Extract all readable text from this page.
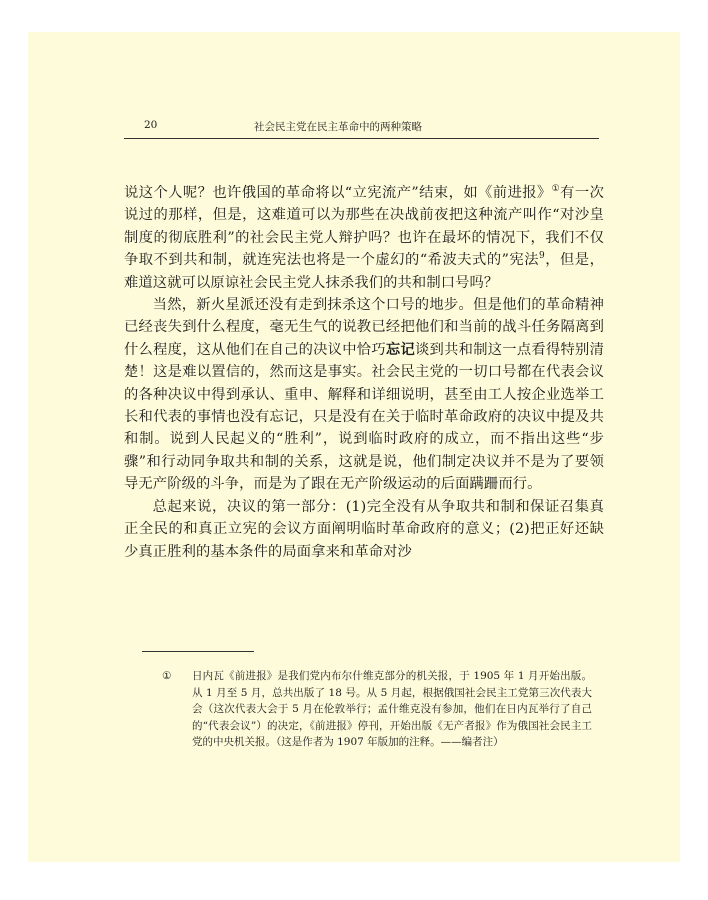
20	社会民主党在民主革命中的两种策略

说这个人呢？也许俄国的革命将以“立宪流产”结束，如《前进报》①有一次说过的那样，但是，这难道可以为那些在决战前夜把这种流产叫作“对沙皇制度的彻底胜利”的社会民主党人辩护吗？也许在最坏的情况下，我们不仅争取不到共和制，就连宪法也将是一个虚幻的“希波夫式的”宪法$^9$，但是，难道这就可以原谅社会民主党人抹杀我们的共和制口号吗？

当然，新火星派还没有走到抹杀这个口号的地步。但是他们的革命精神已经丧失到什么程度，毫无生气的说教已经把他们和当前的战斗任务隔离到什么程度，这从他们在自己的决议中恰巧忘记谈到共和制这一点看得特别清楚！这是难以置信的，然而这是事实。社会民主党的一切口号都在代表会议的各种决议中得到承认、重申、解释和详细说明，甚至由工人按企业选举工长和代表的事情也没有忘记，只是没有在关于临时革命政府的决议中提及共和制。说到人民起义的“胜利”，说到临时政府的成立，而不指出这些“步骤”和行动同争取共和制的关系，这就是说，他们制定决议并不是为了要领导无产阶级的斗争，而是为了跟在无产阶级运动的后面蹒跚而行。

总起来说，决议的第一部分：(1)完全没有从争取共和制和保证召集真正全民的和真正立宪的会议方面阐明临时革命政府的意义；(2)把正好还缺少真正胜利的基本条件的局面拿来和革命对沙

① 日内瓦《前进报》是我们党内布尔什维克部分的机关报，于 1905 年 1 月开始出版。从 1 月至 5 月，总共出版了 18 号。从 5 月起，根据俄国社会民主工党第三次代表大会（这次代表大会于 5 月在伦敦举行；孟什维克没有参加，他们在日内瓦举行了自己的“代表会议”）的决定，《前进报》停刊，开始出版《无产者报》作为俄国社会民主工党的中央机关报。（这是作者为 1907 年版加的注释。——编者注）
